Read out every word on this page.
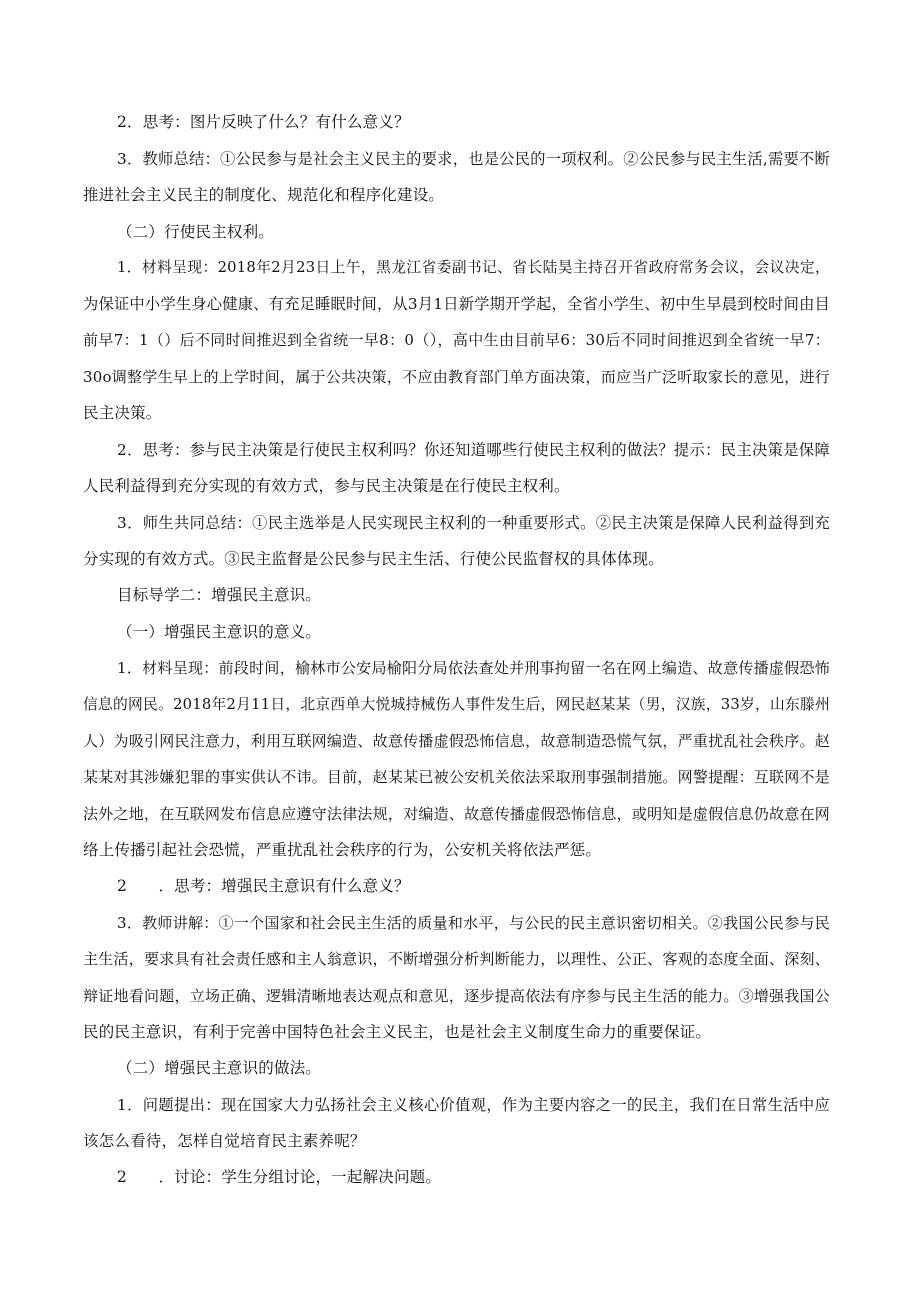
2．思考：图片反映了什么？有什么意义？
3．教师总结：①公民参与是社会主义民主的要求，也是公民的一项权利。②公民参与民主生活,需要不断
推进社会主义民主的制度化、规范化和程序化建设。
（二）行使民主权利。
1．材料呈现：2018年2月23日上午，黑龙江省委副书记、省长陆昊主持召开省政府常务会议，会议决定，
为保证中小学生身心健康、有充足睡眠时间，从3月1日新学期开学起，全省小学生、初中生早晨到校时间由目
前早7：1（）后不同时间推迟到全省统一早8：0（），高中生由目前早6：30后不同时间推迟到全省统一早7：
30o调整学生早上的上学时间，属于公共决策，不应由教育部门单方面决策，而应当广泛听取家长的意见，进行
民主决策。
2．思考：参与民主决策是行使民主权利吗？你还知道哪些行使民主权利的做法？提示：民主决策是保障
人民利益得到充分实现的有效方式，参与民主决策是在行使民主权利。
3．师生共同总结：①民主选举是人民实现民主权利的一种重要形式。②民主决策是保障人民利益得到充
分实现的有效方式。③民主监督是公民参与民主生活、行使公民监督权的具体体现。
目标导学二：增强民主意识。
（一）增强民主意识的意义。
1．材料呈现：前段时间，榆林市公安局榆阳分局依法查处并刑事拘留一名在网上编造、故意传播虚假恐怖
信息的网民。2018年2月11日，北京西单大悦城持械伤人事件发生后，网民赵某某（男，汉族，33岁，山东滕州
人）为吸引网民注意力，利用互联网编造、故意传播虚假恐怖信息，故意制造恐慌气氛，严重扰乱社会秩序。赵
某某对其涉嫌犯罪的事实供认不讳。目前，赵某某已被公安机关依法采取刑事强制措施。网警提醒：互联网不是
法外之地，在互联网发布信息应遵守法律法规，对编造、故意传播虚假恐怖信息，或明知是虚假信息仍故意在网
络上传播引起社会恐慌，严重扰乱社会秩序的行为，公安机关将依法严惩。
2　　．思考：增强民主意识有什么意义？
3．教师讲解：①一个国家和社会民主生活的质量和水平，与公民的民主意识密切相关。②我国公民参与民
主生活，要求具有社会责任感和主人翁意识，不断增强分析判断能力，以理性、公正、客观的态度全面、深刻、
辩证地看问题，立场正确、逻辑清晰地表达观点和意见，逐步提高依法有序参与民主生活的能力。③增强我国公
民的民主意识，有利于完善中国特色社会主义民主，也是社会主义制度生命力的重要保证。
（二）增强民主意识的做法。
1．问题提出：现在国家大力弘扬社会主义核心价值观，作为主要内容之一的民主，我们在日常生活中应
该怎么看待，怎样自觉培育民主素养呢？
2　　．讨论：学生分组讨论，一起解决问题。
